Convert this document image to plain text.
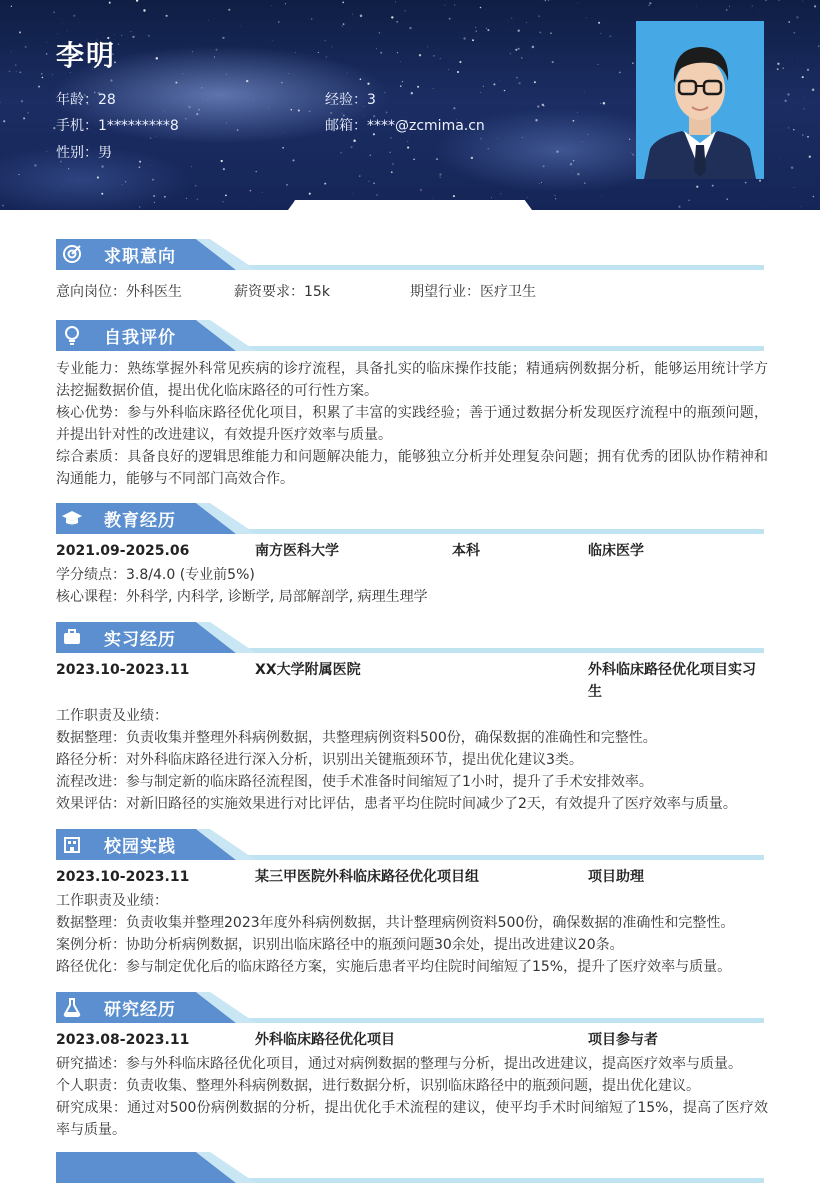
李明
年龄：28	经验：3
手机：1*********8	邮箱：****@zcmima.cn
性别：男
求职意向
意向岗位：外科医生	薪资要求：15k	期望行业：医疗卫生
自我评价
专业能力：熟练掌握外科常见疾病的诊疗流程，具备扎实的临床操作技能；精通病例数据分析，能够运用统计学方法挖掘数据价值，提出优化临床路径的可行性方案。
核心优势：参与外科临床路径优化项目，积累了丰富的实践经验；善于通过数据分析发现医疗流程中的瓶颈问题，并提出针对性的改进建议，有效提升医疗效率与质量。
综合素质：具备良好的逻辑思维能力和问题解决能力，能够独立分析并处理复杂问题；拥有优秀的团队协作精神和沟通能力，能够与不同部门高效合作。
教育经历
2021.09-2025.06	南方医科大学	本科	临床医学
学分绩点：3.8/4.0 (专业前5%)
核心课程：外科学, 内科学, 诊断学, 局部解剖学, 病理生理学
实习经历
2023.10-2023.11	XX大学附属医院	外科临床路径优化项目实习生
工作职责及业绩：
数据整理：负责收集并整理外科病例数据，共整理病例资料500份，确保数据的准确性和完整性。
路径分析：对外科临床路径进行深入分析，识别出关键瓶颈环节，提出优化建议3类。
流程改进：参与制定新的临床路径流程图，使手术准备时间缩短了1小时，提升了手术安排效率。
效果评估：对新旧路径的实施效果进行对比评估，患者平均住院时间减少了2天，有效提升了医疗效率与质量。
校园实践
2023.10-2023.11	某三甲医院外科临床路径优化项目组	项目助理
工作职责及业绩：
数据整理：负责收集并整理2023年度外科病例数据，共计整理病例资料500份，确保数据的准确性和完整性。
案例分析：协助分析病例数据，识别出临床路径中的瓶颈问题30余处，提出改进建议20条。
路径优化：参与制定优化后的临床路径方案，实施后患者平均住院时间缩短了15%，提升了医疗效率与质量。
研究经历
2023.08-2023.11	外科临床路径优化项目	项目参与者
研究描述：参与外科临床路径优化项目，通过对病例数据的整理与分析，提出改进建议，提高医疗效率与质量。
个人职责：负责收集、整理外科病例数据，进行数据分析，识别临床路径中的瓶颈问题，提出优化建议。
研究成果：通过对500份病例数据的分析，提出优化手术流程的建议，使平均手术时间缩短了15%，提高了医疗效率与质量。
